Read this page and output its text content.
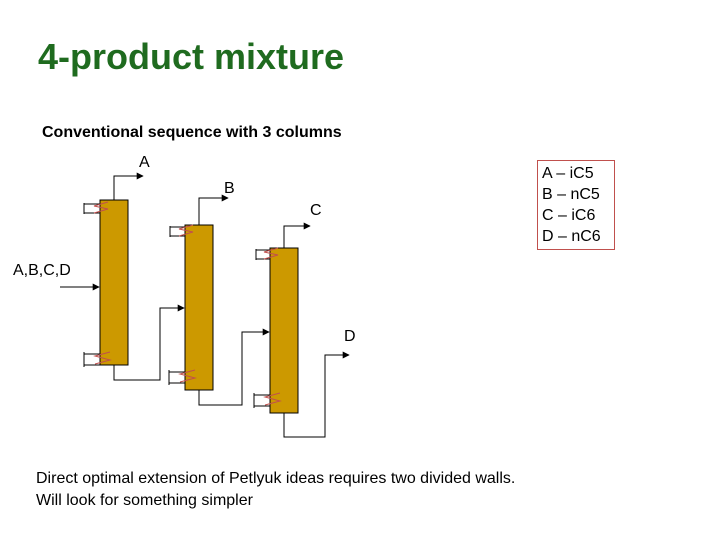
4-product mixture
Conventional sequence with 3 columns
A,B,C,D
A
B
C
D
A – iC5
B – nC5
C – iC6
D – nC6
Direct optimal extension of Petlyuk ideas requires two divided walls.
Will look for something simpler
